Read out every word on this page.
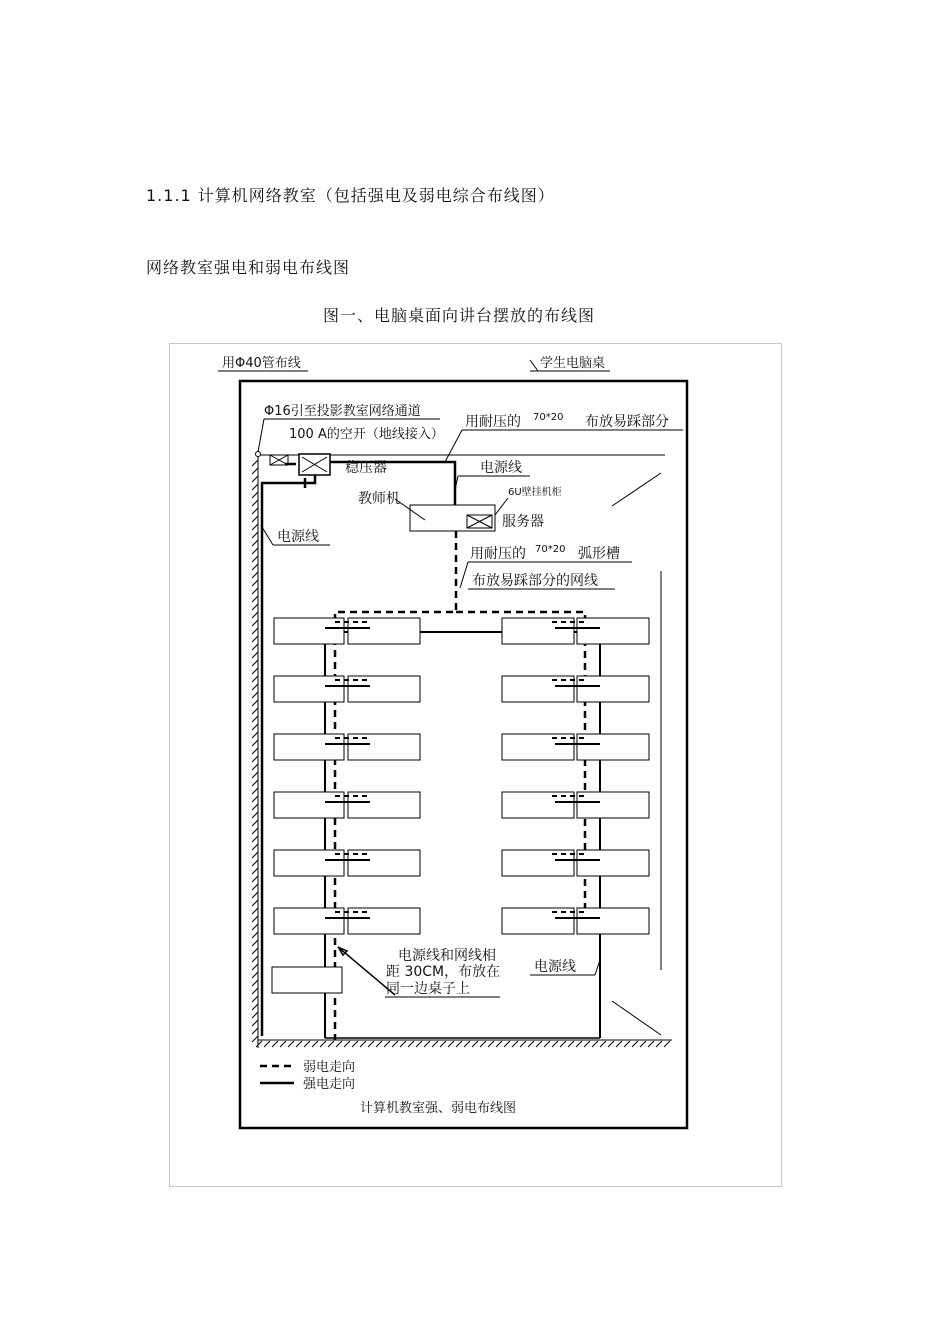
1.1.1 计算机网络教室（包括强电及弱电综合布线图）
网络教室强电和弱电布线图
图一、电脑桌面向讲台摆放的布线图
用Φ40管布线	学生电脑桌
Φ16引至投影教室网络通道
100 A的空开（地线接入）
用耐压的 70*20 布放易踩部分
稳压器	电源线
教师机	6U壁挂机柜
服务器
电源线
用耐压的 70*20 弧形槽
布放易踩部分的网线
电源线和网线相
距 30CM，布放在
同一边桌子上
电源线
弱电走向
强电走向
计算机教室强、弱电布线图
